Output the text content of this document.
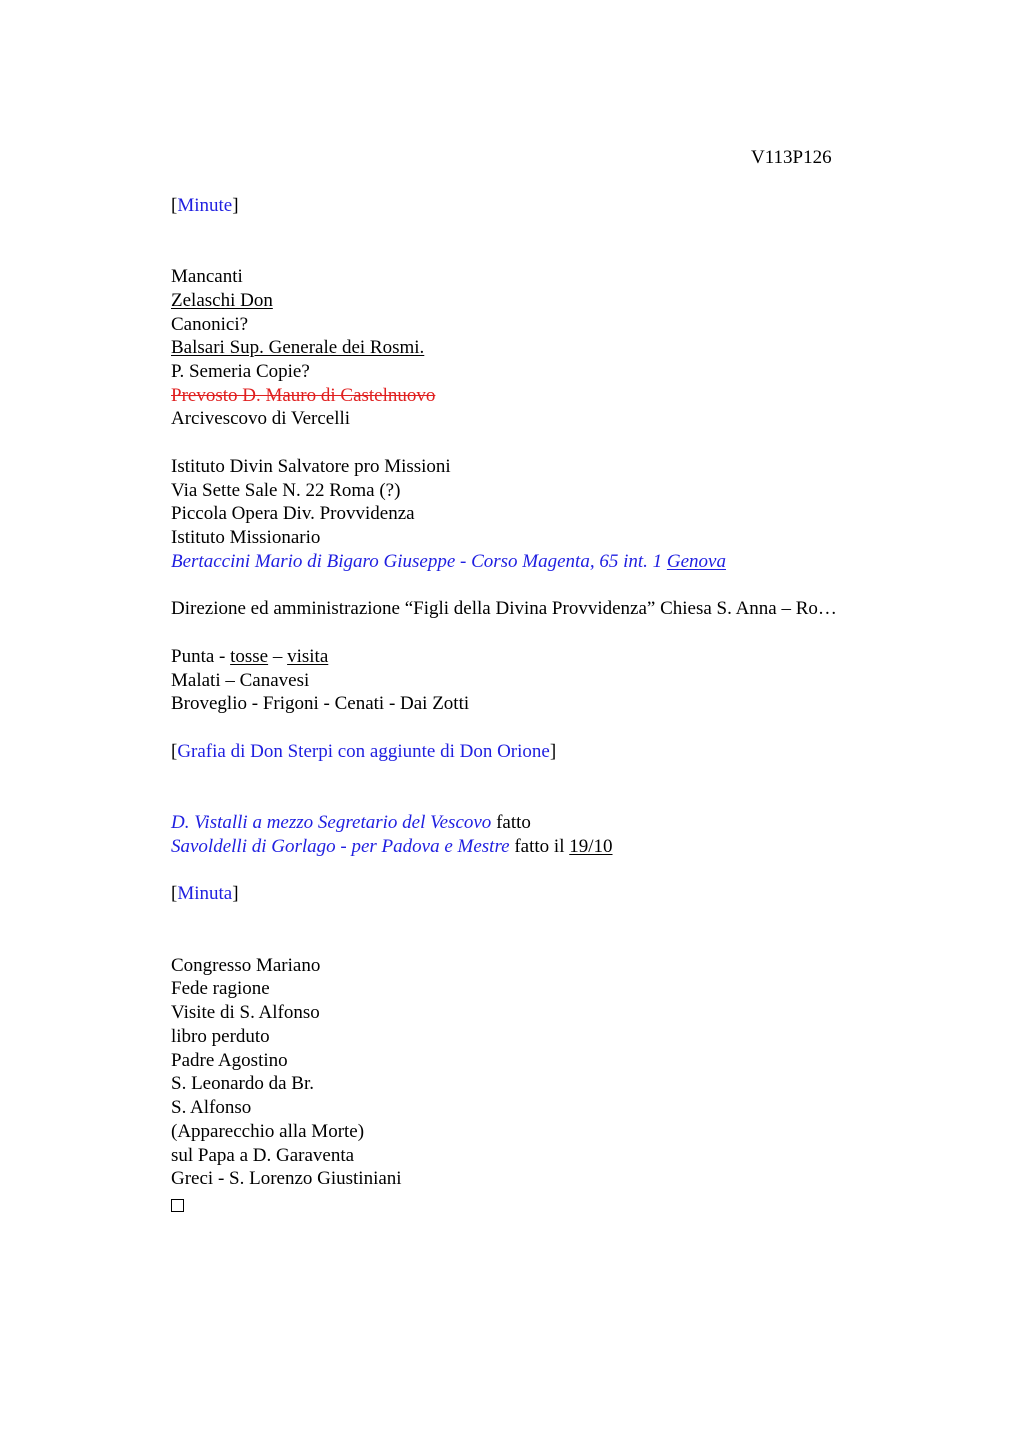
V113P126
[Minute]
Mancanti
Zelaschi Don
Canonici?
Balsari Sup. Generale dei Rosmi.
P. Semeria Copie?
Prevosto D. Mauro di Castelnuovo
Arcivescovo di Vercelli
Istituto Divin Salvatore pro Missioni
Via Sette Sale N. 22 Roma (?)
Piccola Opera Div. Provvidenza
Istituto Missionario
Bertaccini Mario di Bigaro Giuseppe - Corso Magenta, 65 int. 1 Genova
Direzione ed amministrazione “Figli della Divina Provvidenza” Chiesa S. Anna – Ro…
Punta - tosse – visita
Malati – Canavesi
Broveglio - Frigoni - Cenati - Dai Zotti
[Grafia di Don Sterpi con aggiunte di Don Orione]
D. Vistalli a mezzo Segretario del Vescovo fatto
Savoldelli di Gorlago - per Padova e Mestre fatto il 19/10
[Minuta]
Congresso Mariano
Fede ragione
Visite di S. Alfonso
libro perduto
Padre Agostino
S. Leonardo da Br.
S. Alfonso
(Apparecchio alla Morte)
sul Papa a D. Garaventa
Greci - S. Lorenzo Giustiniani
